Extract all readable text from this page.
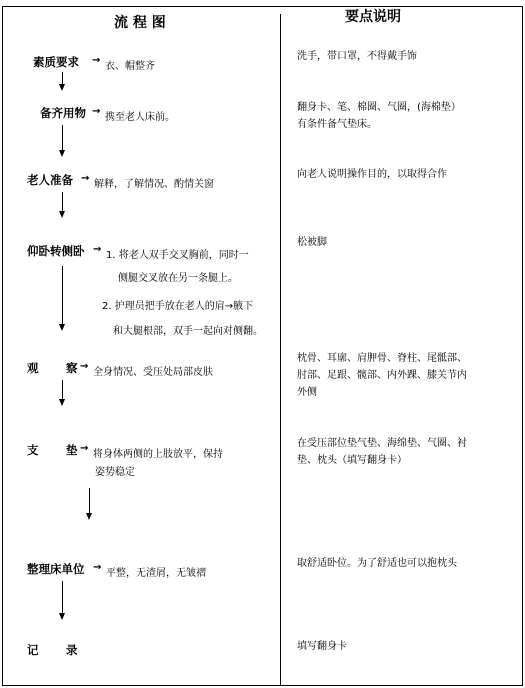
流 程 图	要点说明
素质要求 →
衣、帽整齐
备齐用物 →
携至老人床前。
老人准备 →
解释，了解情况、酌情关窗
仰卧转侧卧 →
1. 将老人双手交叉胸前，同时一
侧腿交叉放在另一条腿上。
2. 护理员把手放在老人的肩→腋下
和大腿根部，双手一起向对侧翻。
观 察 →
全身情况、受压处局部皮肤
支 垫 →
将身体两侧的上肢放平，保持
姿势稳定
整理床单位 →
平整，无渣屑，无皱褶
记 录
洗手，带口罩，不得戴手饰
翻身卡、笔、棉圈、气圈，(海棉垫）有条件备气垫床。
向老人说明操作目的，以取得合作
松被脚
枕骨、耳廓、肩胛骨、脊柱、尾骶部、肘部、足跟、髋部、内外踝、膝关节内外侧
在受压部位垫气垫、海绵垫、气圈、衬垫、枕头（填写翻身卡）
取舒适卧位。为了舒适也可以抱枕头
填写翻身卡
